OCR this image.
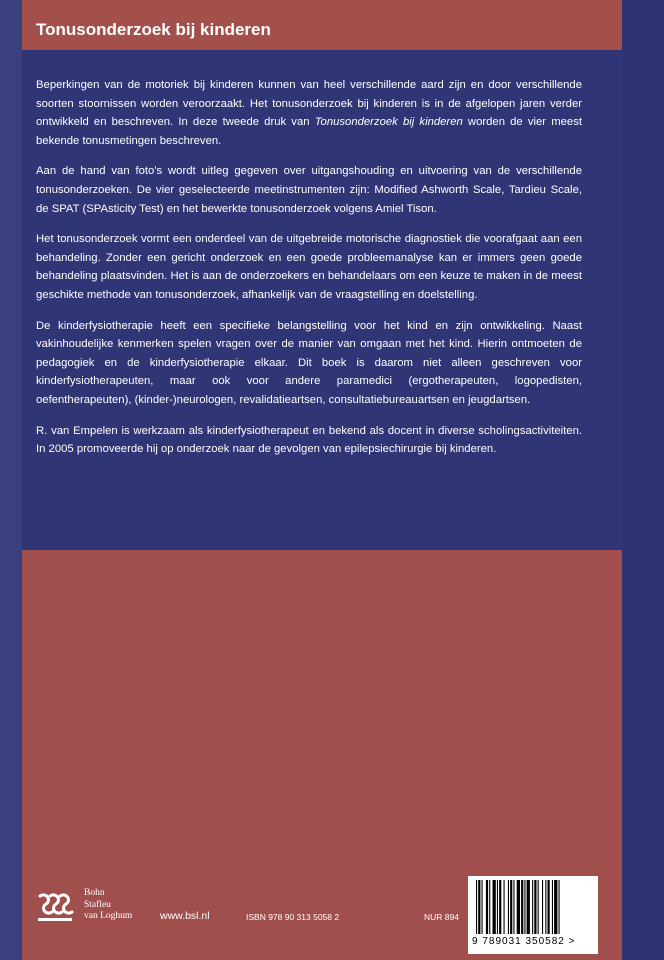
Tonusonderzoek bij kinderen

Beperkingen van de motoriek bij kinderen kunnen van heel verschillende aard zijn en door verschillende soorten stoornissen worden veroorzaakt. Het tonusonderzoek bij kinderen is in de afgelopen jaren verder ontwikkeld en beschreven. In deze tweede druk van Tonusonderzoek bij kinderen worden de vier meest bekende tonusmetingen beschreven.

Aan de hand van foto's wordt uitleg gegeven over uitgangshouding en uitvoering van de verschillende tonusonderzoeken. De vier geselecteerde meetinstrumenten zijn: Modified Ashworth Scale, Tardieu Scale, de SPAT (SPAsticity Test) en het bewerkte tonusonderzoek volgens Amiel Tison.

Het tonusonderzoek vormt een onderdeel van de uitgebreide motorische diagnostiek die voorafgaat aan een behandeling. Zonder een gericht onderzoek en een goede probleemanalyse kan er immers geen goede behandeling plaatsvinden. Het is aan de onderzoekers en behandelaars om een keuze te maken in de meest geschikte methode van tonusonderzoek, afhankelijk van de vraagstelling en doelstelling.

De kinderfysiotherapie heeft een specifieke belangstelling voor het kind en zijn ontwikkeling. Naast vakinhoudelijke kenmerken spelen vragen over de manier van omgaan met het kind. Hierin ontmoeten de pedagogiek en de kinderfysiotherapie elkaar. Dit boek is daarom niet alleen geschreven voor kinderfysiotherapeuten, maar ook voor andere paramedici (ergotherapeuten, logopedisten, oefentherapeuten), (kinder-)neurologen, revalidatieartsen, consultatiebureauartsen en jeugdartsen.

R. van Empelen is werkzaam als kinderfysiotherapeut en bekend als docent in diverse scholingsactiviteiten. In 2005 promoveerde hij op onderzoek naar de gevolgen van epilepsiechirurgie bij kinderen.

Bohn
Stafleu
van Loghum	www.bsl.nl	ISBN 978 90 313 5058 2	NUR 894
9 789031 350582 >
